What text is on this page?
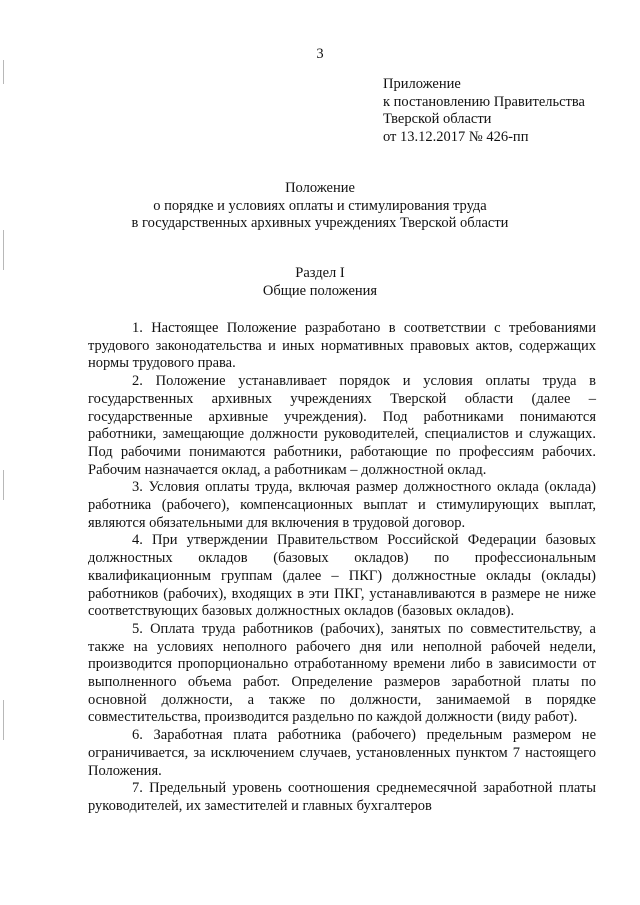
3
Приложение
к постановлению Правительства
Тверской области
от 13.12.2017 № 426-пп
Положение
о порядке и условиях оплаты и стимулирования труда
в государственных архивных учреждениях Тверской области
Раздел I
Общие положения

1. Настоящее Положение разработано в соответствии с требованиями трудового законодательства и иных нормативных правовых актов, содержащих нормы трудового права.

2. Положение устанавливает порядок и условия оплаты труда в государственных архивных учреждениях Тверской области (далее – государственные архивные учреждения). Под работниками понимаются работники, замещающие должности руководителей, специалистов и служащих. Под рабочими понимаются работники, работающие по профессиям рабочих. Рабочим назначается оклад, а работникам – должностной оклад.

3. Условия оплаты труда, включая размер должностного оклада (оклада) работника (рабочего), компенсационных выплат и стимулирующих выплат, являются обязательными для включения в трудовой договор.

4. При утверждении Правительством Российской Федерации базовых должностных окладов (базовых окладов) по профессиональным квалификационным группам (далее – ПКГ) должностные оклады (оклады) работников (рабочих), входящих в эти ПКГ, устанавливаются в размере не ниже соответствующих базовых должностных окладов (базовых окладов).

5. Оплата труда работников (рабочих), занятых по совместительству, а также на условиях неполного рабочего дня или неполной рабочей недели, производится пропорционально отработанному времени либо в зависимости от выполненного объема работ. Определение размеров заработной платы по основной должности, а также по должности, занимаемой в порядке совместительства, производится раздельно по каждой должности (виду работ).

6. Заработная плата работника (рабочего) предельным размером не ограничивается, за исключением случаев, установленных пунктом 7 настоящего Положения.

7. Предельный уровень соотношения среднемесячной заработной платы руководителей, их заместителей и главных бухгалтеров
